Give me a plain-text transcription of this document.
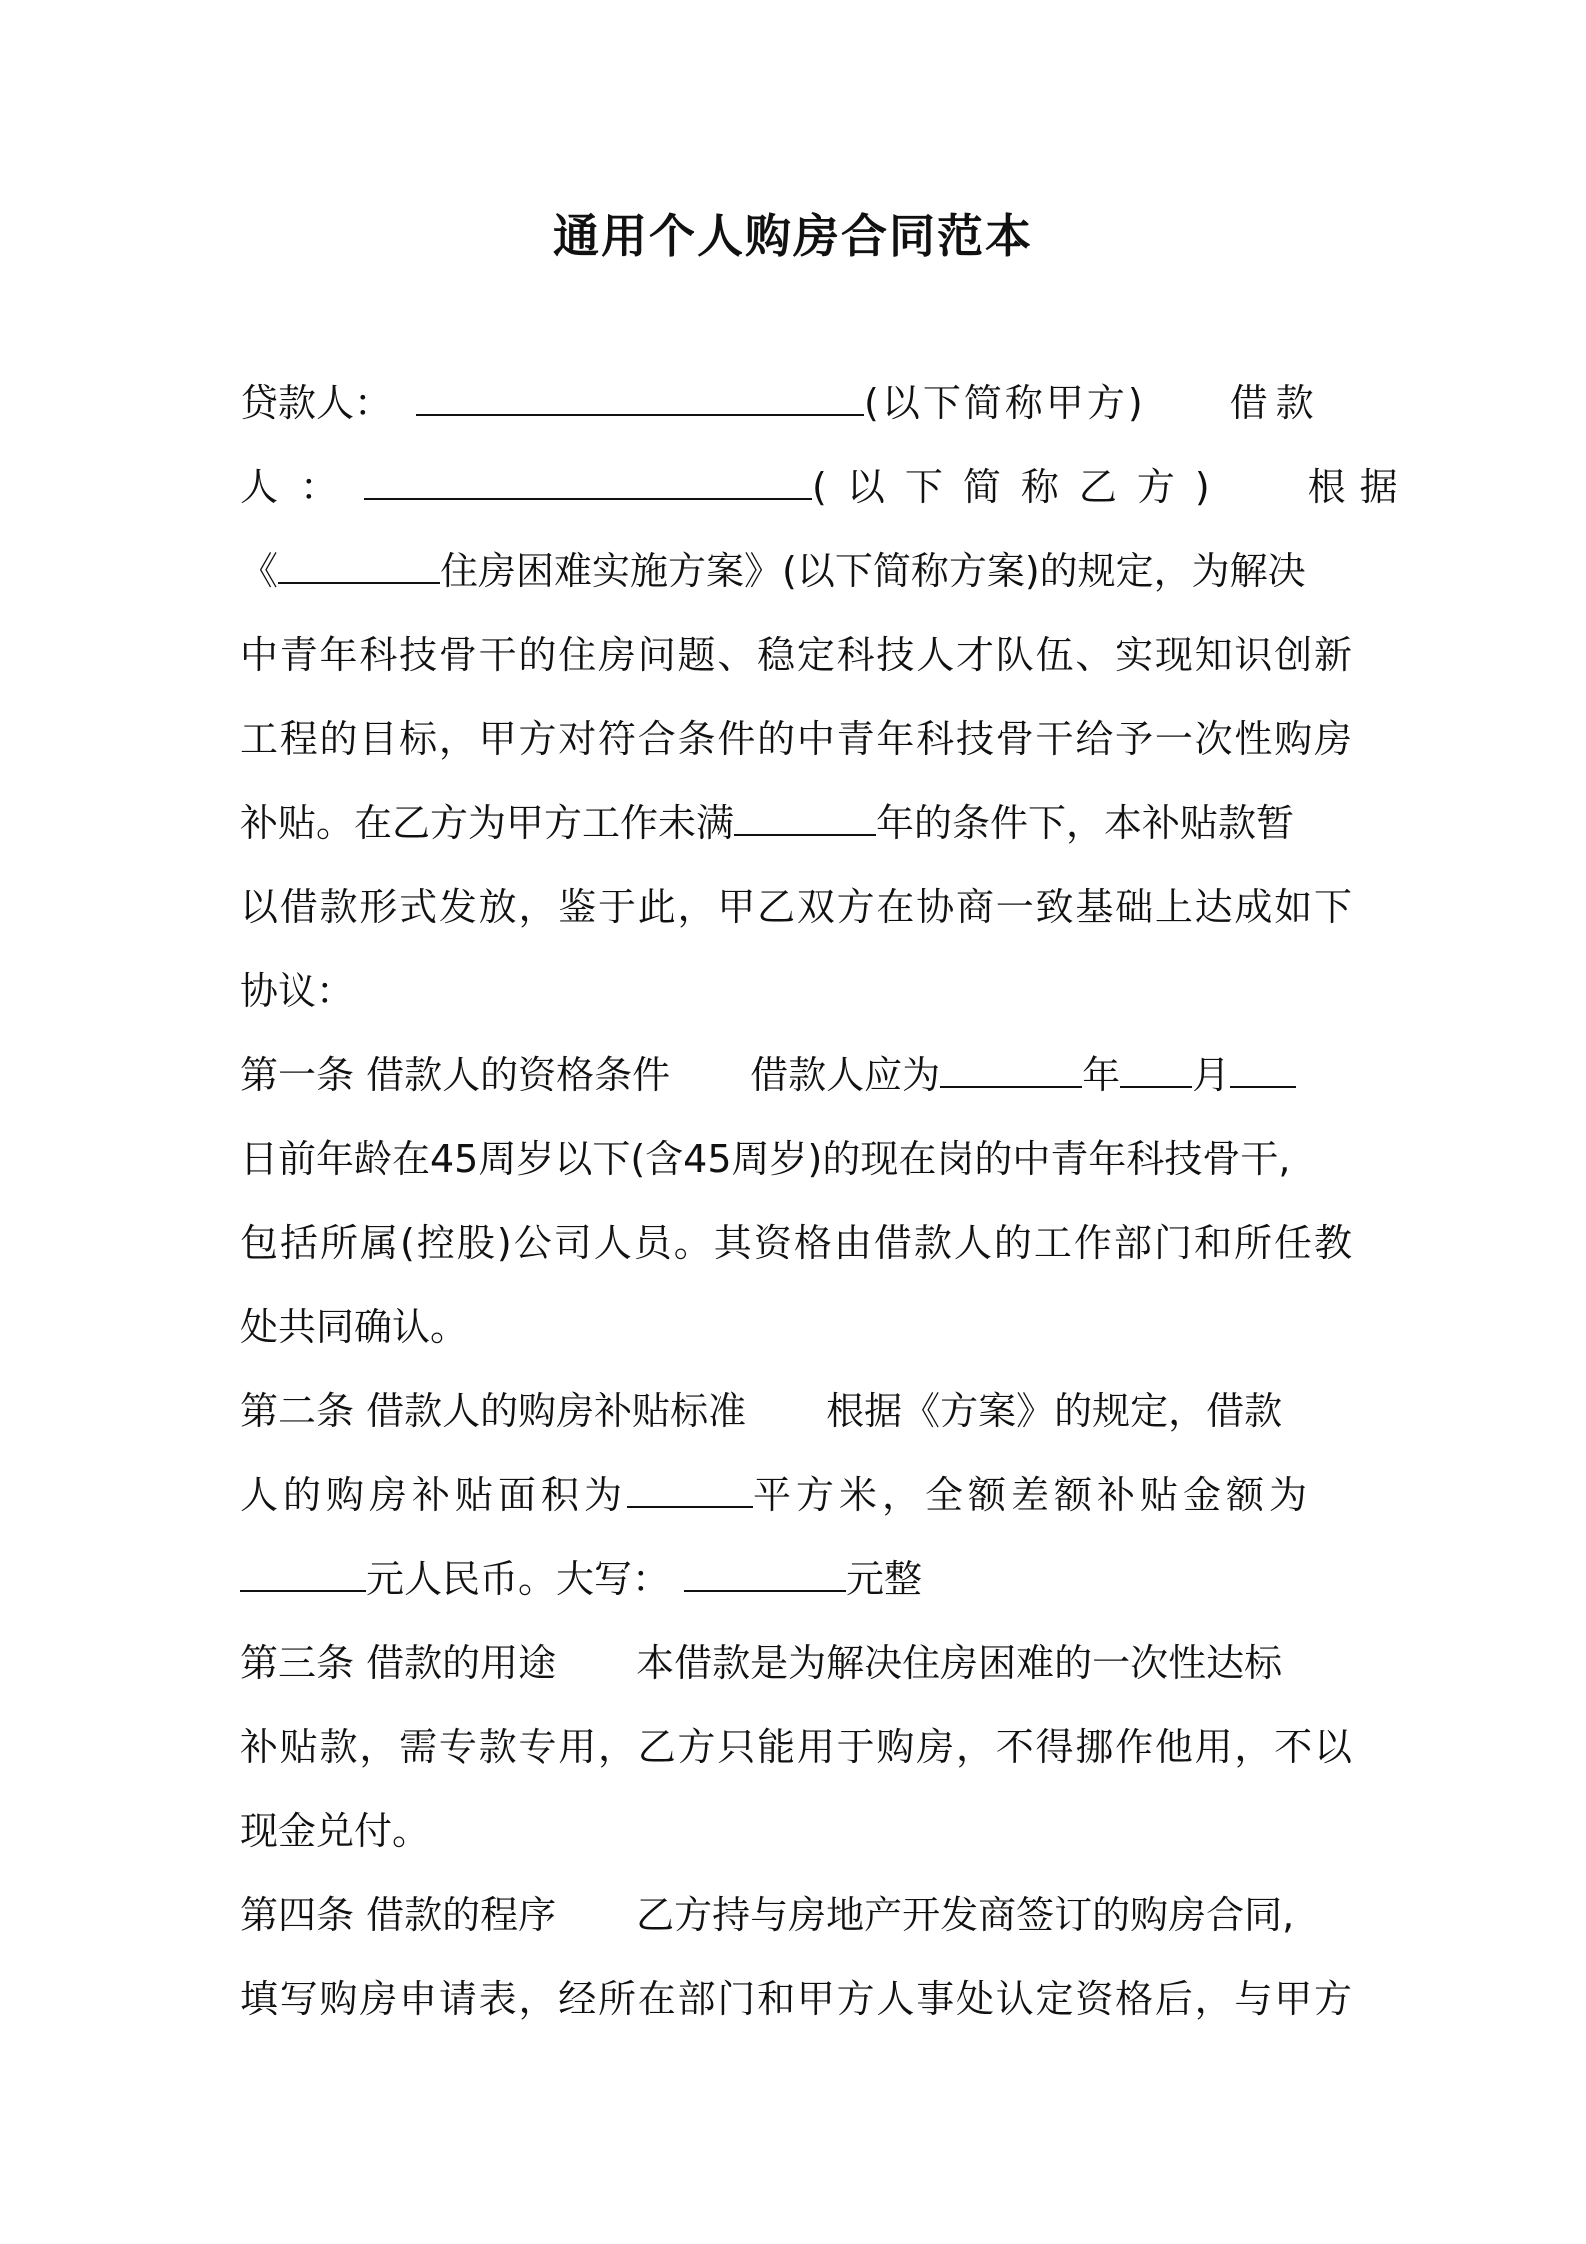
通用个人购房合同范本
贷款人：	(以下简称甲方) 借款
人：	(以下简称乙方) 根据
《	住房困难实施方案》(以下简称方案)的规定，为解决
中青年科技骨干的住房问题、稳定科技人才队伍、实现知识创新
工程的目标，甲方对符合条件的中青年科技骨干给予一次性购房
补贴。在乙方为甲方工作未满	年的条件下，本补贴款暂
以借款形式发放，鉴于此，甲乙双方在协商一致基础上达成如下
协议：
第一条 借款人的资格条件 借款人应为	年 月
日前年龄在45周岁以下(含45周岁)的现在岗的中青年科技骨干,
包括所属(控股)公司人员。其资格由借款人的工作部门和所任教
处共同确认。
第二条 借款人的购房补贴标准 根据《方案》的规定，借款
人的购房补贴面积为	平方米，全额差额补贴金额为
元人民币。大写：	元整
第三条 借款的用途 本借款是为解决住房困难的一次性达标
补贴款，需专款专用，乙方只能用于购房，不得挪作他用，不以
现金兑付。
第四条 借款的程序 乙方持与房地产开发商签订的购房合同,
填写购房申请表，经所在部门和甲方人事处认定资格后，与甲方
